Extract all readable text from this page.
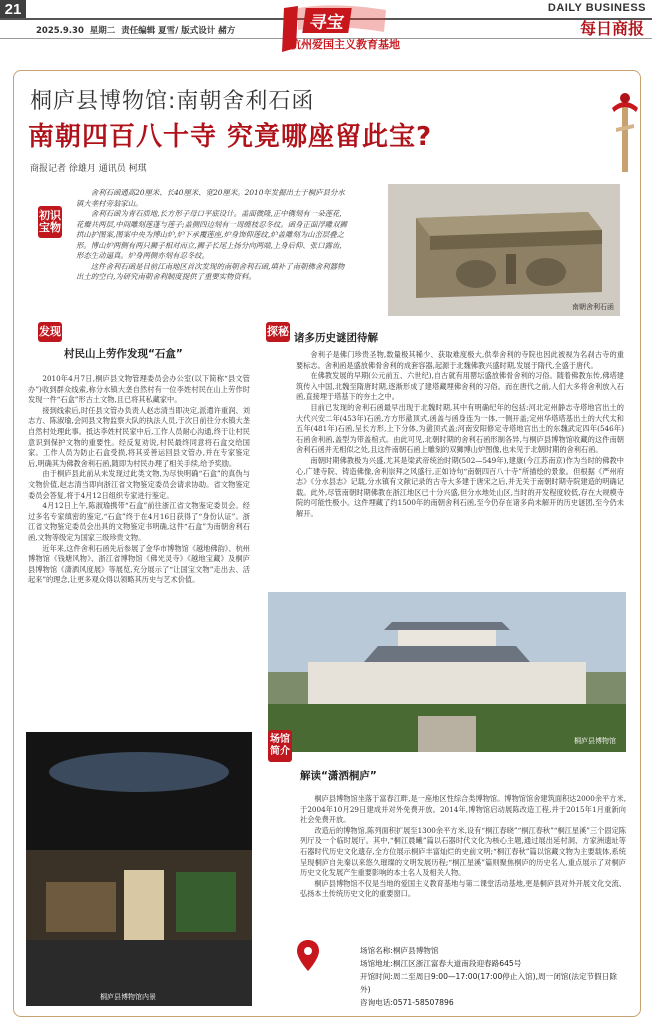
21
2025.9.30 星期二 责任编辑 夏雪/ 版式设计 赭方	寻宝
杭州爱国主义教育基地
DAILY BUSINESS
每日商报
桐庐县博物馆:南朝舍利石函
南朝四百八十寺 究竟哪座留此宝?
商报记者 徐雄月 通讯员 柯琪
初识宝物

舍利石函通高20厘米、长40厘米、宽20厘米。2010年发掘出土于桐庐县分水镇大垄村旁翁家山。

舍利石函为青石质地,长方形子母口平底设计。盖面微隆,正中镌刻有一朵莲花,花瓣共两层,中间雕刻莲蓬与莲子;盖侧四边刻有一周缠枝忍冬纹。函身正面浮雕双狮拱山护图案,图案中央为博山炉,炉下承覆莲座,炉身饰仰莲纹,炉盖雕刻为山峦层叠之形。博山炉两侧有两只狮子相对而立,狮子长尾上扬分向两端,上身后仰、张口露齿,形态生动逼真。炉身两侧亦刻有忍冬纹。

这件舍利石函是目前江南地区首次发现的南朝舍利石函,填补了南朝佛舍利器物出土的空白,为研究南朝舍利制度提供了重要实物资料。

南朝舍利石函
发现
村民山上劳作发现“石盒”

2010年4月7日,桐庐县文物管理委员会办公室(以下简称“县文管办”)收到群众线索,称分水镇大垄自然村有一位李姓村民在山上劳作时发现一件“石盒”形古土文物,且已将其私藏家中。

接到线索后,时任县文管办负责人赵志清当即决定,派遣许重润、刘志方、陈淑瑜,会同县文物监察大队的执法人员,于次日前往分水镇大垄自然村处理此事。抵达李姓村民家中后,工作人员耐心沟通,终于让村民意识到保护文物的重要性。经反复劝说,村民最终同意将石盒交给国家。工作人员为防止石盒受损,将其妥善运回县文管办,并在专家鉴定后,明确其为佛教舍利石函,随即为村民办理了相关手续,给予奖励。

由于桐庐县此前从未发现过此类文物,为尽快明确“石盒”的真伪与文物价值,赵志清当即向浙江省文物鉴定委员会请求协助。省文物鉴定委员会答复,将于4月12日组织专家进行鉴定。

4月12日上午,陈淑瑜携带“石盒”前往浙江省文物鉴定委员会。经过多名专家缜密的鉴定,“石盒”终于在4月16日获得了“身份认证”。浙江省文物鉴定委员会出具的文物鉴定书明确,这件“石盒”为南朝舍利石函,文物等级定为国家三级珍贵文物。

近年来,这件舍利石函先后参展了金华市博物馆《越地佛韵》、杭州博物馆《钱塘风物》、浙江省博物馆《佛光灵寺》《越地宝藏》及桐庐县博物馆《潇洒风度展》等展览,充分展示了“让国宝文物”走出去、活起来”的理念,让更多观众得以领略其历史与艺术价值。

桐庐县博物馆内景
探秘 诸多历史谜团待解

舍利子是佛门珍贵圣物,数量极其稀少、获取难度极大,供奉舍利的寺院也因此被视为名刹古寺的重要标志。舍利函是盛放佛骨舍利的成套容器,起源于北魏佛教兴盛时期,发展于隋代,全盛于唐代。

在佛教发展的早期(公元前五、六世纪),自古就有用罂坛盛放佛骨舍利的习俗。随着佛教东传,佛塔建筑传入中国,北魏至隋唐时期,逐渐形成了建塔藏埋佛舍利的习俗。而在唐代之前,人们大多将舍利放入石函,直接埋于塔基下的夯土之中。

目前已发现的舍利石函最早出现于北魏时期,其中有明确纪年的包括:河北定州静志寺塔地宫出土的大代兴安二年(453年)石函,方方形盝顶式,函盖与函身连为一体,一侧开盖;定州华塔塔基出土的大代太和五年(481年)石函,呈长方形,上下分体,为盝顶式盖;河南安阳修定寺塔地宫出土的东魏武定四年(546年)石函舍利函,盖型为带盖棺式。由此可见,北朝时期的舍利石函形制各异,与桐庐县博物馆收藏的这件南朝舍利石函并无相似之处,且这件南朝石函上雕刻的双狮博山炉图像,也未见于北朝时期的舍利石函。

南朝时期佛教极为兴盛,尤其是梁武帝统治时期(502—549年),建康(今江苏南京)作为当时的佛教中心,广建寺院、铸造佛像,舍利崇拜之风盛行,正如诗句“南朝四百八十寺”所描绘的景象。但根据《严州府志》《分水县志》记载,分水镇有文献记录的古寺大多建于唐宋之后,并无关于南朝时期寺院建造的明确记载。此外,尽管南朝时期佛教在浙江地区已十分兴盛,但分水地处山区,当时的开发程度较低,存在大规模寺院的可能性极小。这件埋藏了约1500年的南朝舍利石函,至今仍存在诸多尚未解开的历史谜团,至今仍未解开。

桐庐县博物馆
场馆简介
解读“潇洒桐庐”

桐庐县博物馆坐落于富春江畔,是一座地区性综合类博物馆。博物馆馆舍建筑面积达2000余平方米,于2004年10月29日建成并对外免费开放。2014年,博物馆启动展陈改造工程,并于2015年1月重新向社会免费开放。

改造后的博物馆,陈列面积扩展至1300余平方米,设有“桐江春晓”“桐江春秋”“桐江星溪”三个固定陈列厅及一个临时展厅。其中,“桐江晨曦”篇以石器时代文化为核心主题,通过展出延村洞、方家洲遗址等石器时代历史文化遗存,全方位展示桐庐丰富灿烂的史前文明;“桐江春秋”篇以馆藏文物为主要载体,系统呈现桐庐自先秦以来悠久璀璨的文明发展历程;“桐江星溪”篇则聚焦桐庐的历史名人,重点展示了对桐庐历史文化发展产生重要影响的本土名人及相关人物。

桐庐县博物馆不仅是当地的爱国主义教育基地与第二课堂活动基地,更是桐庐县对外开展文化交流、弘扬本土传统历史文化的重要窗口。

场馆名称:桐庐县博物馆
场馆地址:桐江区浙江富春大道南段迎春路645号
开馆时间:周二至周日9:00—17:00(17:00停止入馆),周一闭馆(法定节假日除外)
咨询电话:0571-58507896
